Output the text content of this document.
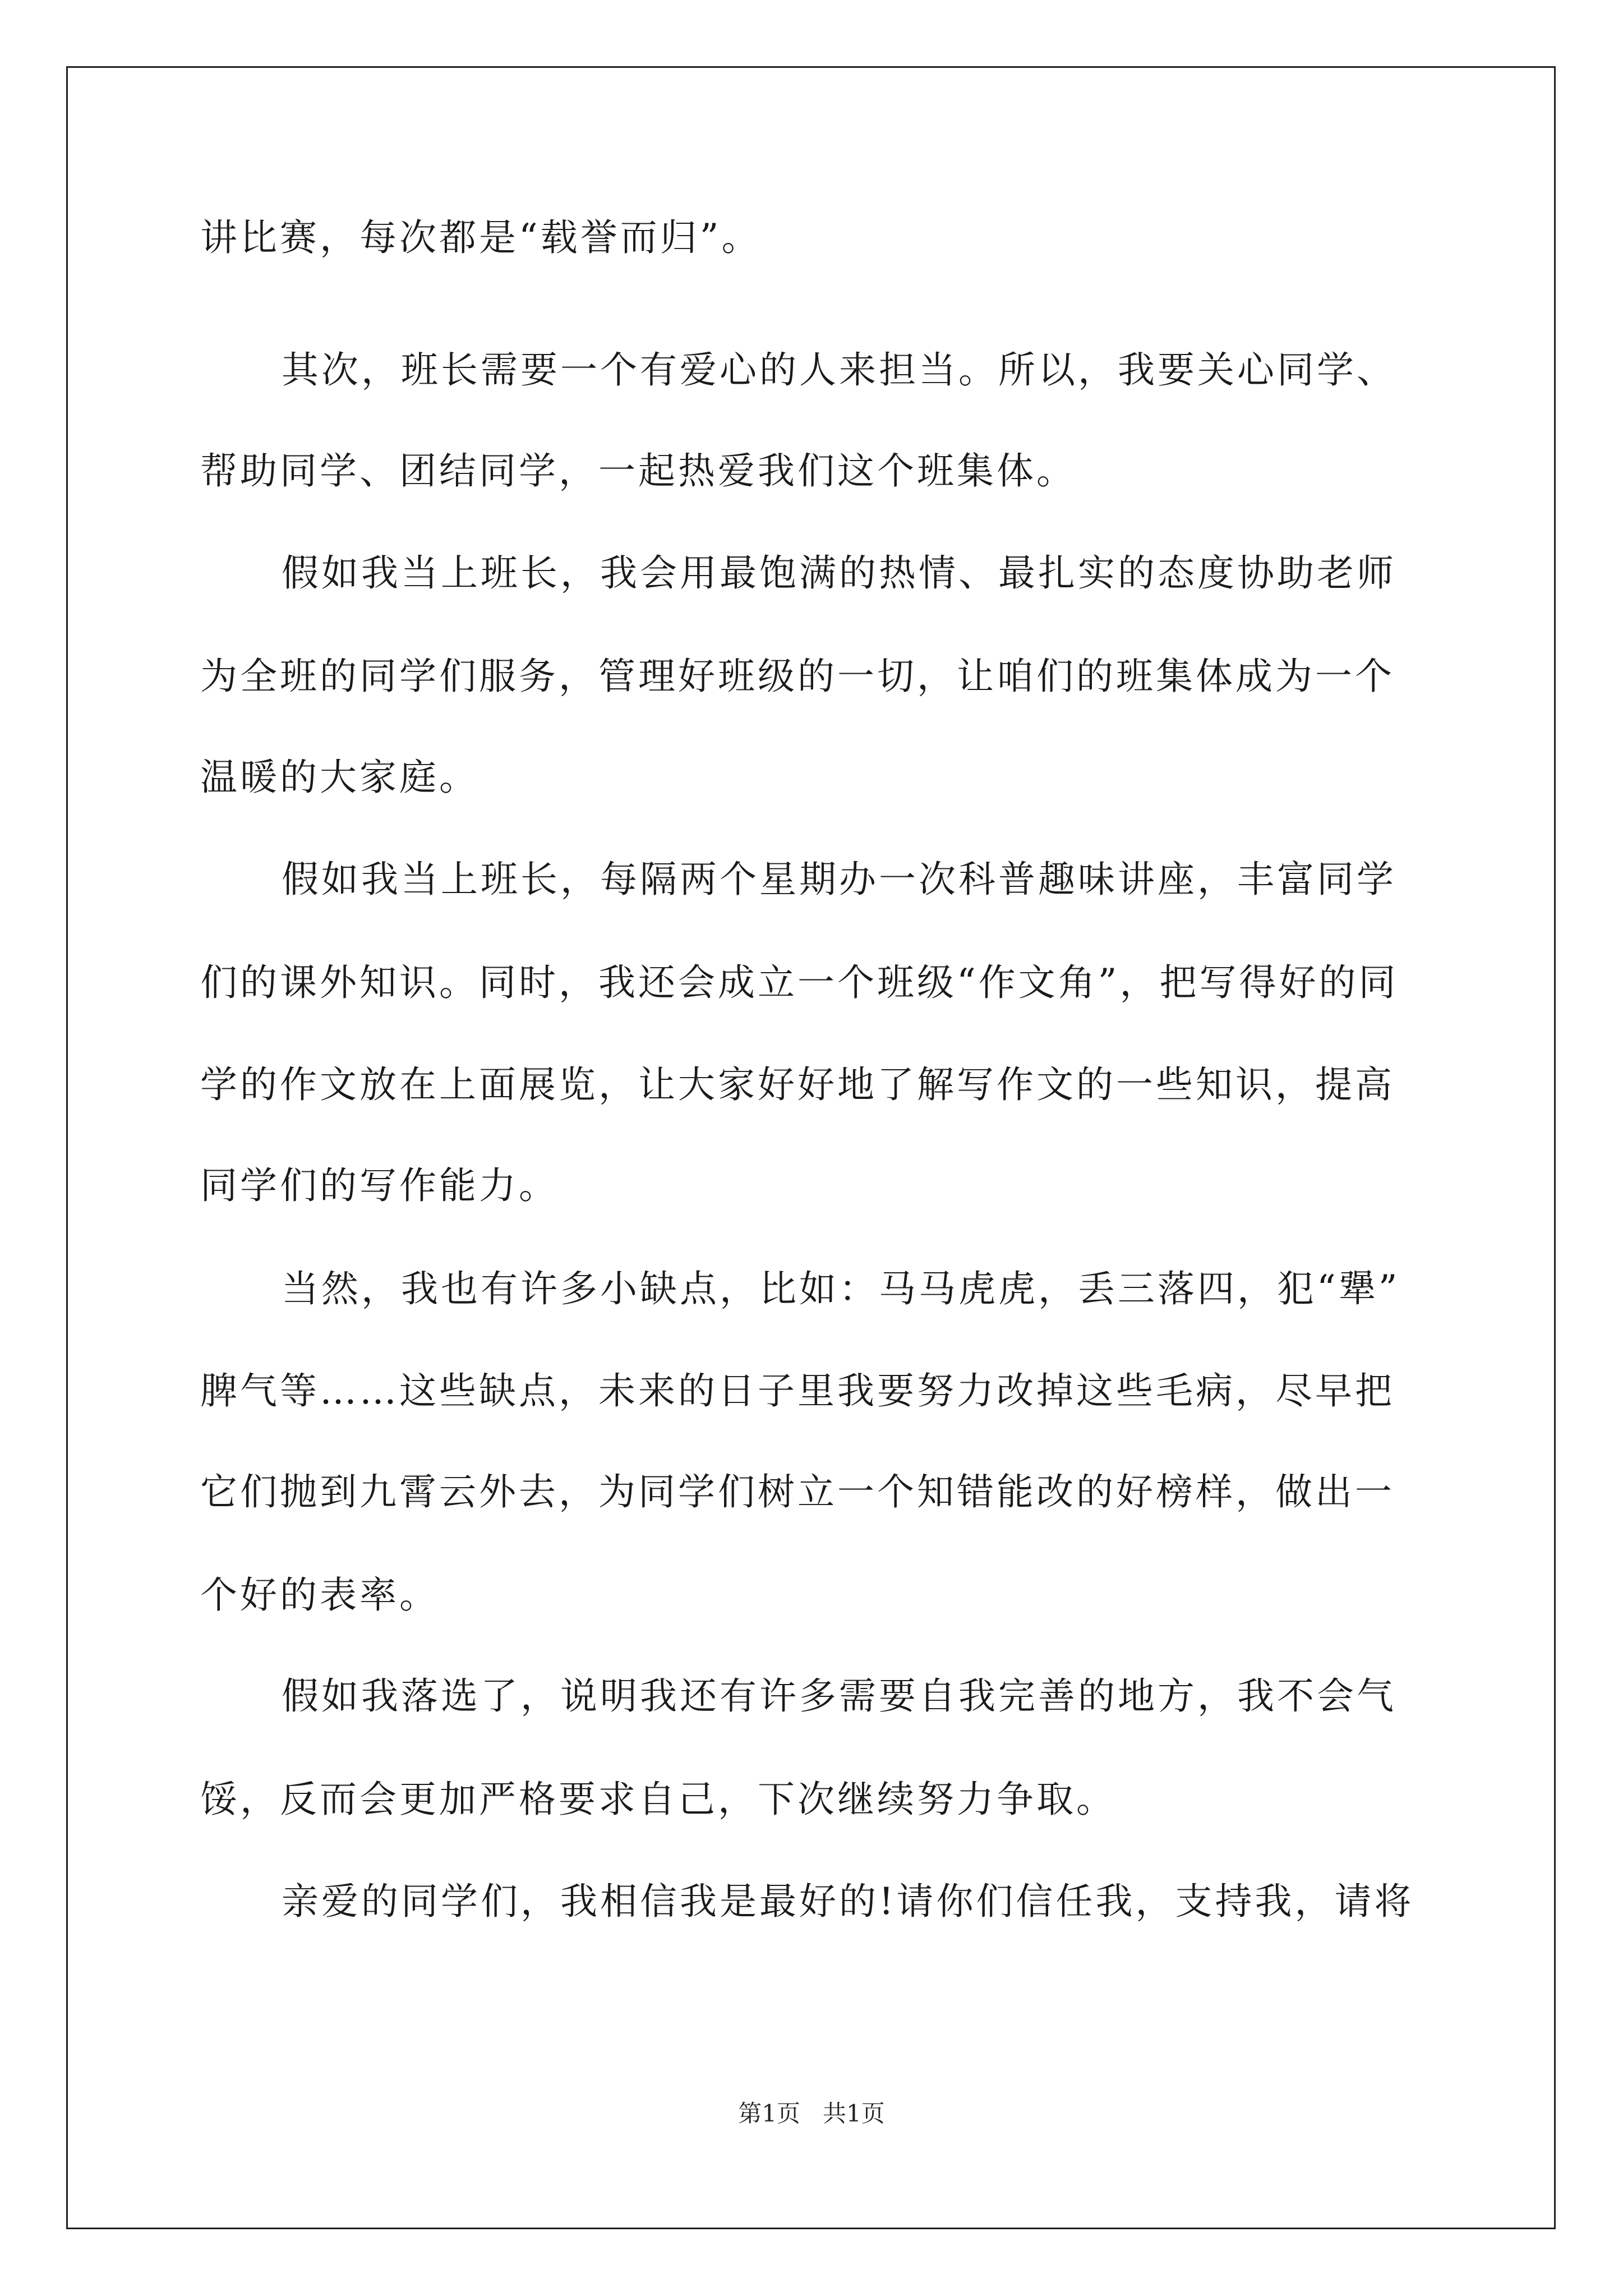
讲比赛，每次都是“载誉而归”。
其次，班长需要一个有爱心的人来担当。所以，我要关心同学、
帮助同学、团结同学，一起热爱我们这个班集体。
假如我当上班长，我会用最饱满的热情、最扎实的态度协助老师
为全班的同学们服务，管理好班级的一切，让咱们的班集体成为一个
温暖的大家庭。
假如我当上班长，每隔两个星期办一次科普趣味讲座，丰富同学
们的课外知识。同时，我还会成立一个班级“作文角”，把写得好的同
学的作文放在上面展览，让大家好好地了解写作文的一些知识，提高
同学们的写作能力。
当然，我也有许多小缺点，比如：马马虎虎，丢三落四，犯“犟”
脾气等……这些缺点，未来的日子里我要努力改掉这些毛病，尽早把
它们抛到九霄云外去，为同学们树立一个知错能改的好榜样，做出一
个好的表率。
假如我落选了，说明我还有许多需要自我完善的地方，我不会气
馁，反而会更加严格要求自己，下次继续努力争取。
亲爱的同学们，我相信我是最好的!请你们信任我，支持我，请将
第1页   共1页
